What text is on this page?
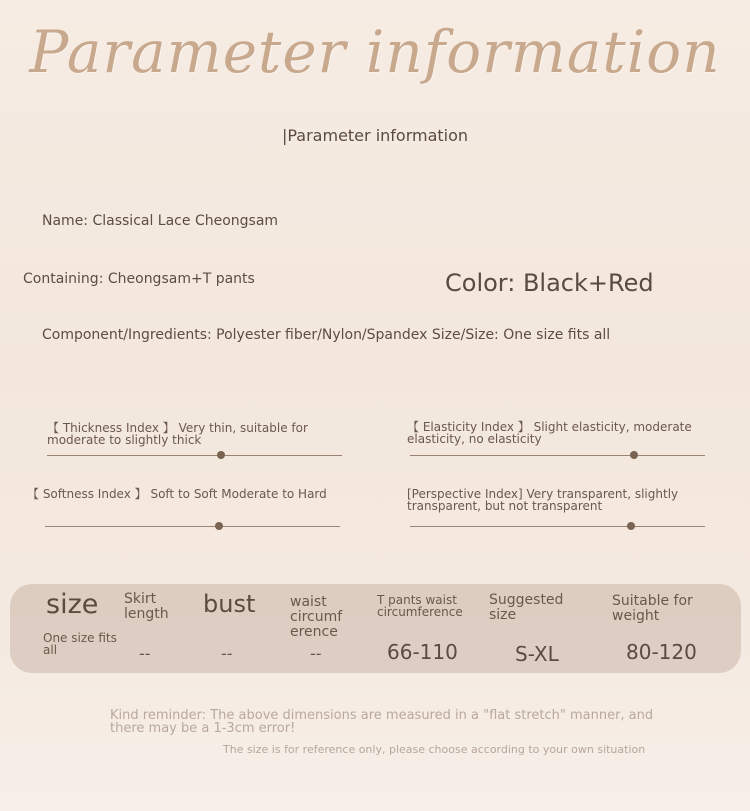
Parameter information
|Parameter information
Name: Classical Lace Cheongsam
Containing: Cheongsam+T pants	Color: Black+Red
Component/Ingredients: Polyester fiber/Nylon/Spandex Size/Size: One size fits all
【 Thickness Index 】 Very thin, suitable for
moderate to slightly thick
【 Elasticity Index 】 Slight elasticity, moderate
elasticity, no elasticity
【 Softness Index 】 Soft to Soft Moderate to Hard	[Perspective Index] Very transparent, slightly
transparent, but not transparent
size
One size fits
all
Skirt
length
--
bust
--
waist
circumf
erence
--
T pants waist
circumference
66-110
Suggested
size
S-XL
Suitable for
weight
80-120
Kind reminder: The above dimensions are measured in a "flat stretch" manner, and
there may be a 1-3cm error!
The size is for reference only, please choose according to your own situation
